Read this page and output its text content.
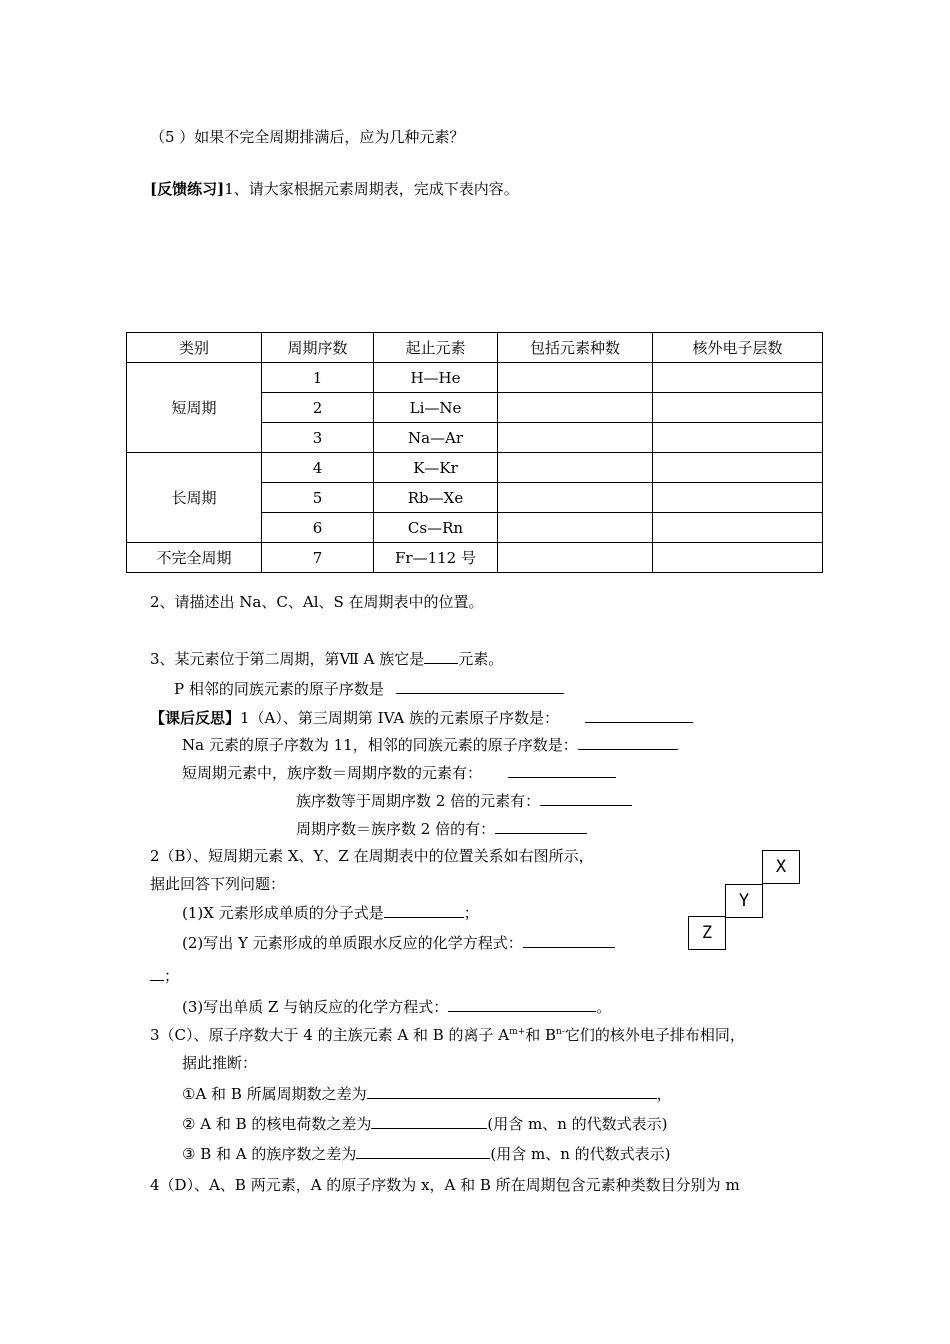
（5 ）如果不完全周期排满后，应为几种元素？
[反馈练习]1、请大家根据元素周期表，完成下表内容。
类别	周期序数	起止元素	包括元素种数	核外电子层数
短周期	1	H—He		
	2	Li—Ne		
	3	Na—Ar		
长周期	4	K—Kr		
	5	Rb—Xe		
	6	Cs—Rn		
不完全周期	7	Fr—112 号		
2、请描述出 Na、C、Al、S 在周期表中的位置。
3、某元素位于第二周期，第Ⅶ A 族它是 元素。
P 相邻的同族元素的原子序数是
【课后反思】1（A）、第三周期第 IVA 族的元素原子序数是：
Na 元素的原子序数为 11，相邻的同族元素的原子序数是：
短周期元素中，族序数＝周期序数的元素有：
族序数等于周期序数 2 倍的元素有：
周期序数＝族序数 2 倍的有：
2（B）、短周期元素 X、Y、Z 在周期表中的位置关系如右图所示，
据此回答下列问题：
(1)X 元素形成单质的分子式是	；
(2)写出 Y 元素形成的单质跟水反应的化学方程式：
；
(3)写出单质 Z 与钠反应的化学方程式：	。
X
Y
Z
3（C）、原子序数大于 4 的主族元素 A 和 B 的离子 $A^{m+}$和 $B^{n-}$它们的核外电子排布相同，
据此推断：
①A 和 B 所属周期数之差为	，
② A 和 B 的核电荷数之差为	(用含 m、n 的代数式表示)
③ B 和 A 的族序数之差为	(用含 m、n 的代数式表示)
4（D）、A、B 两元素，A 的原子序数为 x，A 和 B 所在周期包含元素种类数目分别为 m
